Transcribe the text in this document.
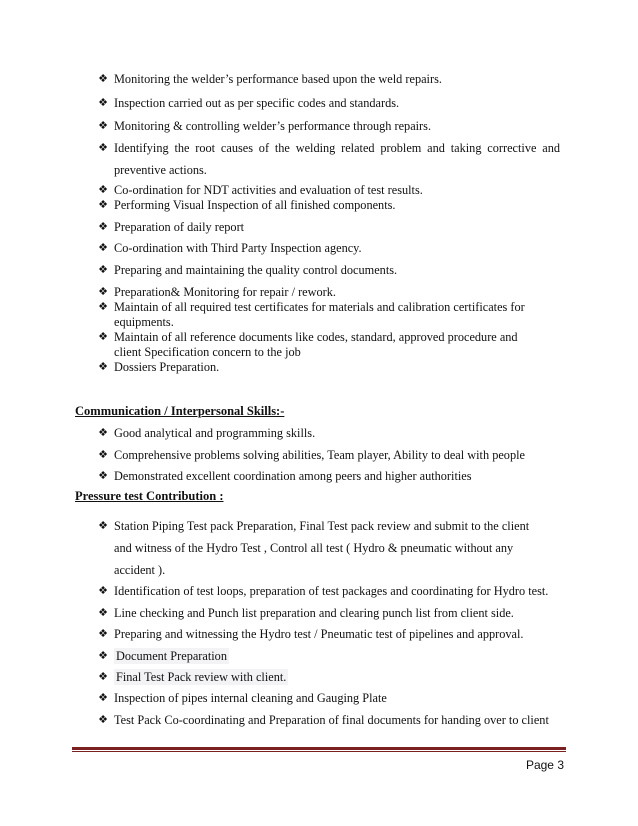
❖ Monitoring the welder’s performance based upon the weld repairs.
❖ Inspection carried out as per specific codes and standards.
❖ Monitoring & controlling welder’s performance through repairs.
❖ Identifying the root causes of the welding related problem and taking corrective and
preventive actions.
❖ Co-ordination for NDT activities and evaluation of test results.
❖ Performing Visual Inspection of all finished components.
❖ Preparation of daily report
❖ Co-ordination with Third Party Inspection agency.
❖ Preparing and maintaining the quality control documents.
❖ Preparation& Monitoring for repair / rework.
❖ Maintain of all required test certificates for materials and calibration certificates for
equipments.
❖ Maintain of all reference documents like codes, standard, approved procedure and
client Specification concern to the job
❖ Dossiers Preparation.
Communication / Interpersonal Skills:-
❖ Good analytical and programming skills.
❖ Comprehensive problems solving abilities, Team player, Ability to deal with people
❖ Demonstrated excellent coordination among peers and higher authorities
Pressure test Contribution :
❖ Station Piping Test pack Preparation, Final Test pack review and submit to the client
and witness of the Hydro Test , Control all test ( Hydro & pneumatic without any
accident ).
❖ Identification of test loops, preparation of test packages and coordinating for Hydro test.
❖ Line checking and Punch list preparation and clearing punch list from client side.
❖ Preparing and witnessing the Hydro test / Pneumatic test of pipelines and approval.
❖ Document Preparation
❖ Final Test Pack review with client.
❖ Inspection of pipes internal cleaning and Gauging Plate
❖ Test Pack Co-coordinating and Preparation of final documents for handing over to client
Page 3
